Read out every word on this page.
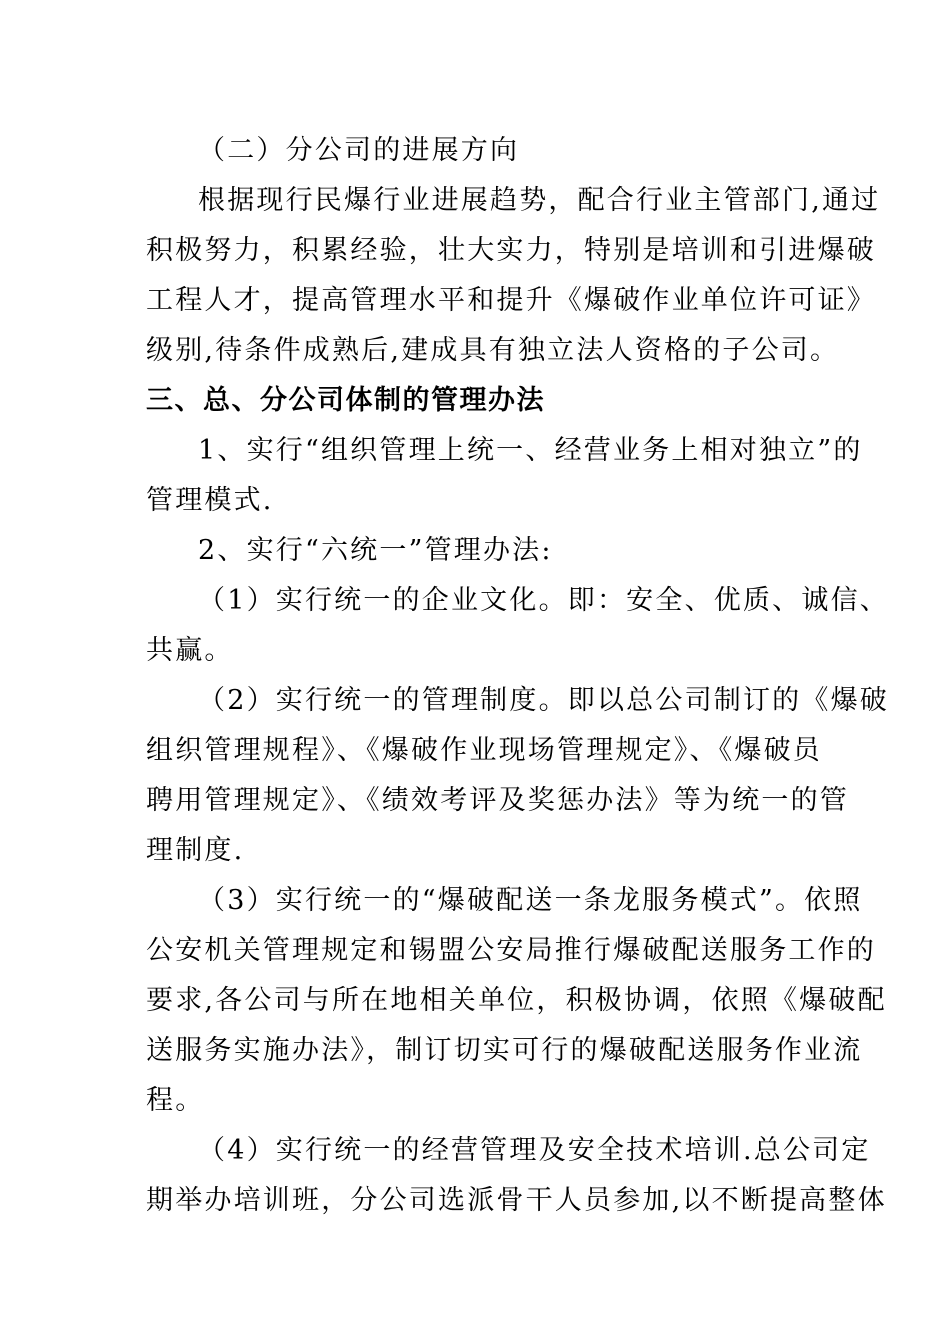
（二）分公司的进展方向
根据现行民爆行业进展趋势，配合行业主管部门,通过
积极努力，积累经验，壮大实力，特别是培训和引进爆破
工程人才，提高管理水平和提升《爆破作业单位许可证》
级别,待条件成熟后,建成具有独立法人资格的子公司。
三、总、分公司体制的管理办法
1、实行“组织管理上统一、经营业务上相对独立”的
管理模式.
2、实行“六统一”管理办法:
（1）实行统一的企业文化。即：安全、优质、诚信、
共赢。
（2）实行统一的管理制度。即以总公司制订的《爆破
组织管理规程》、《爆破作业现场管理规定》、《爆破员
聘用管理规定》、《绩效考评及奖惩办法》等为统一的管
理制度.
（3）实行统一的“爆破配送一条龙服务模式”。依照
公安机关管理规定和锡盟公安局推行爆破配送服务工作的
要求,各公司与所在地相关单位，积极协调，依照《爆破配
送服务实施办法》，制订切实可行的爆破配送服务作业流
程。
（4）实行统一的经营管理及安全技术培训.总公司定
期举办培训班，分公司选派骨干人员参加,以不断提高整体
